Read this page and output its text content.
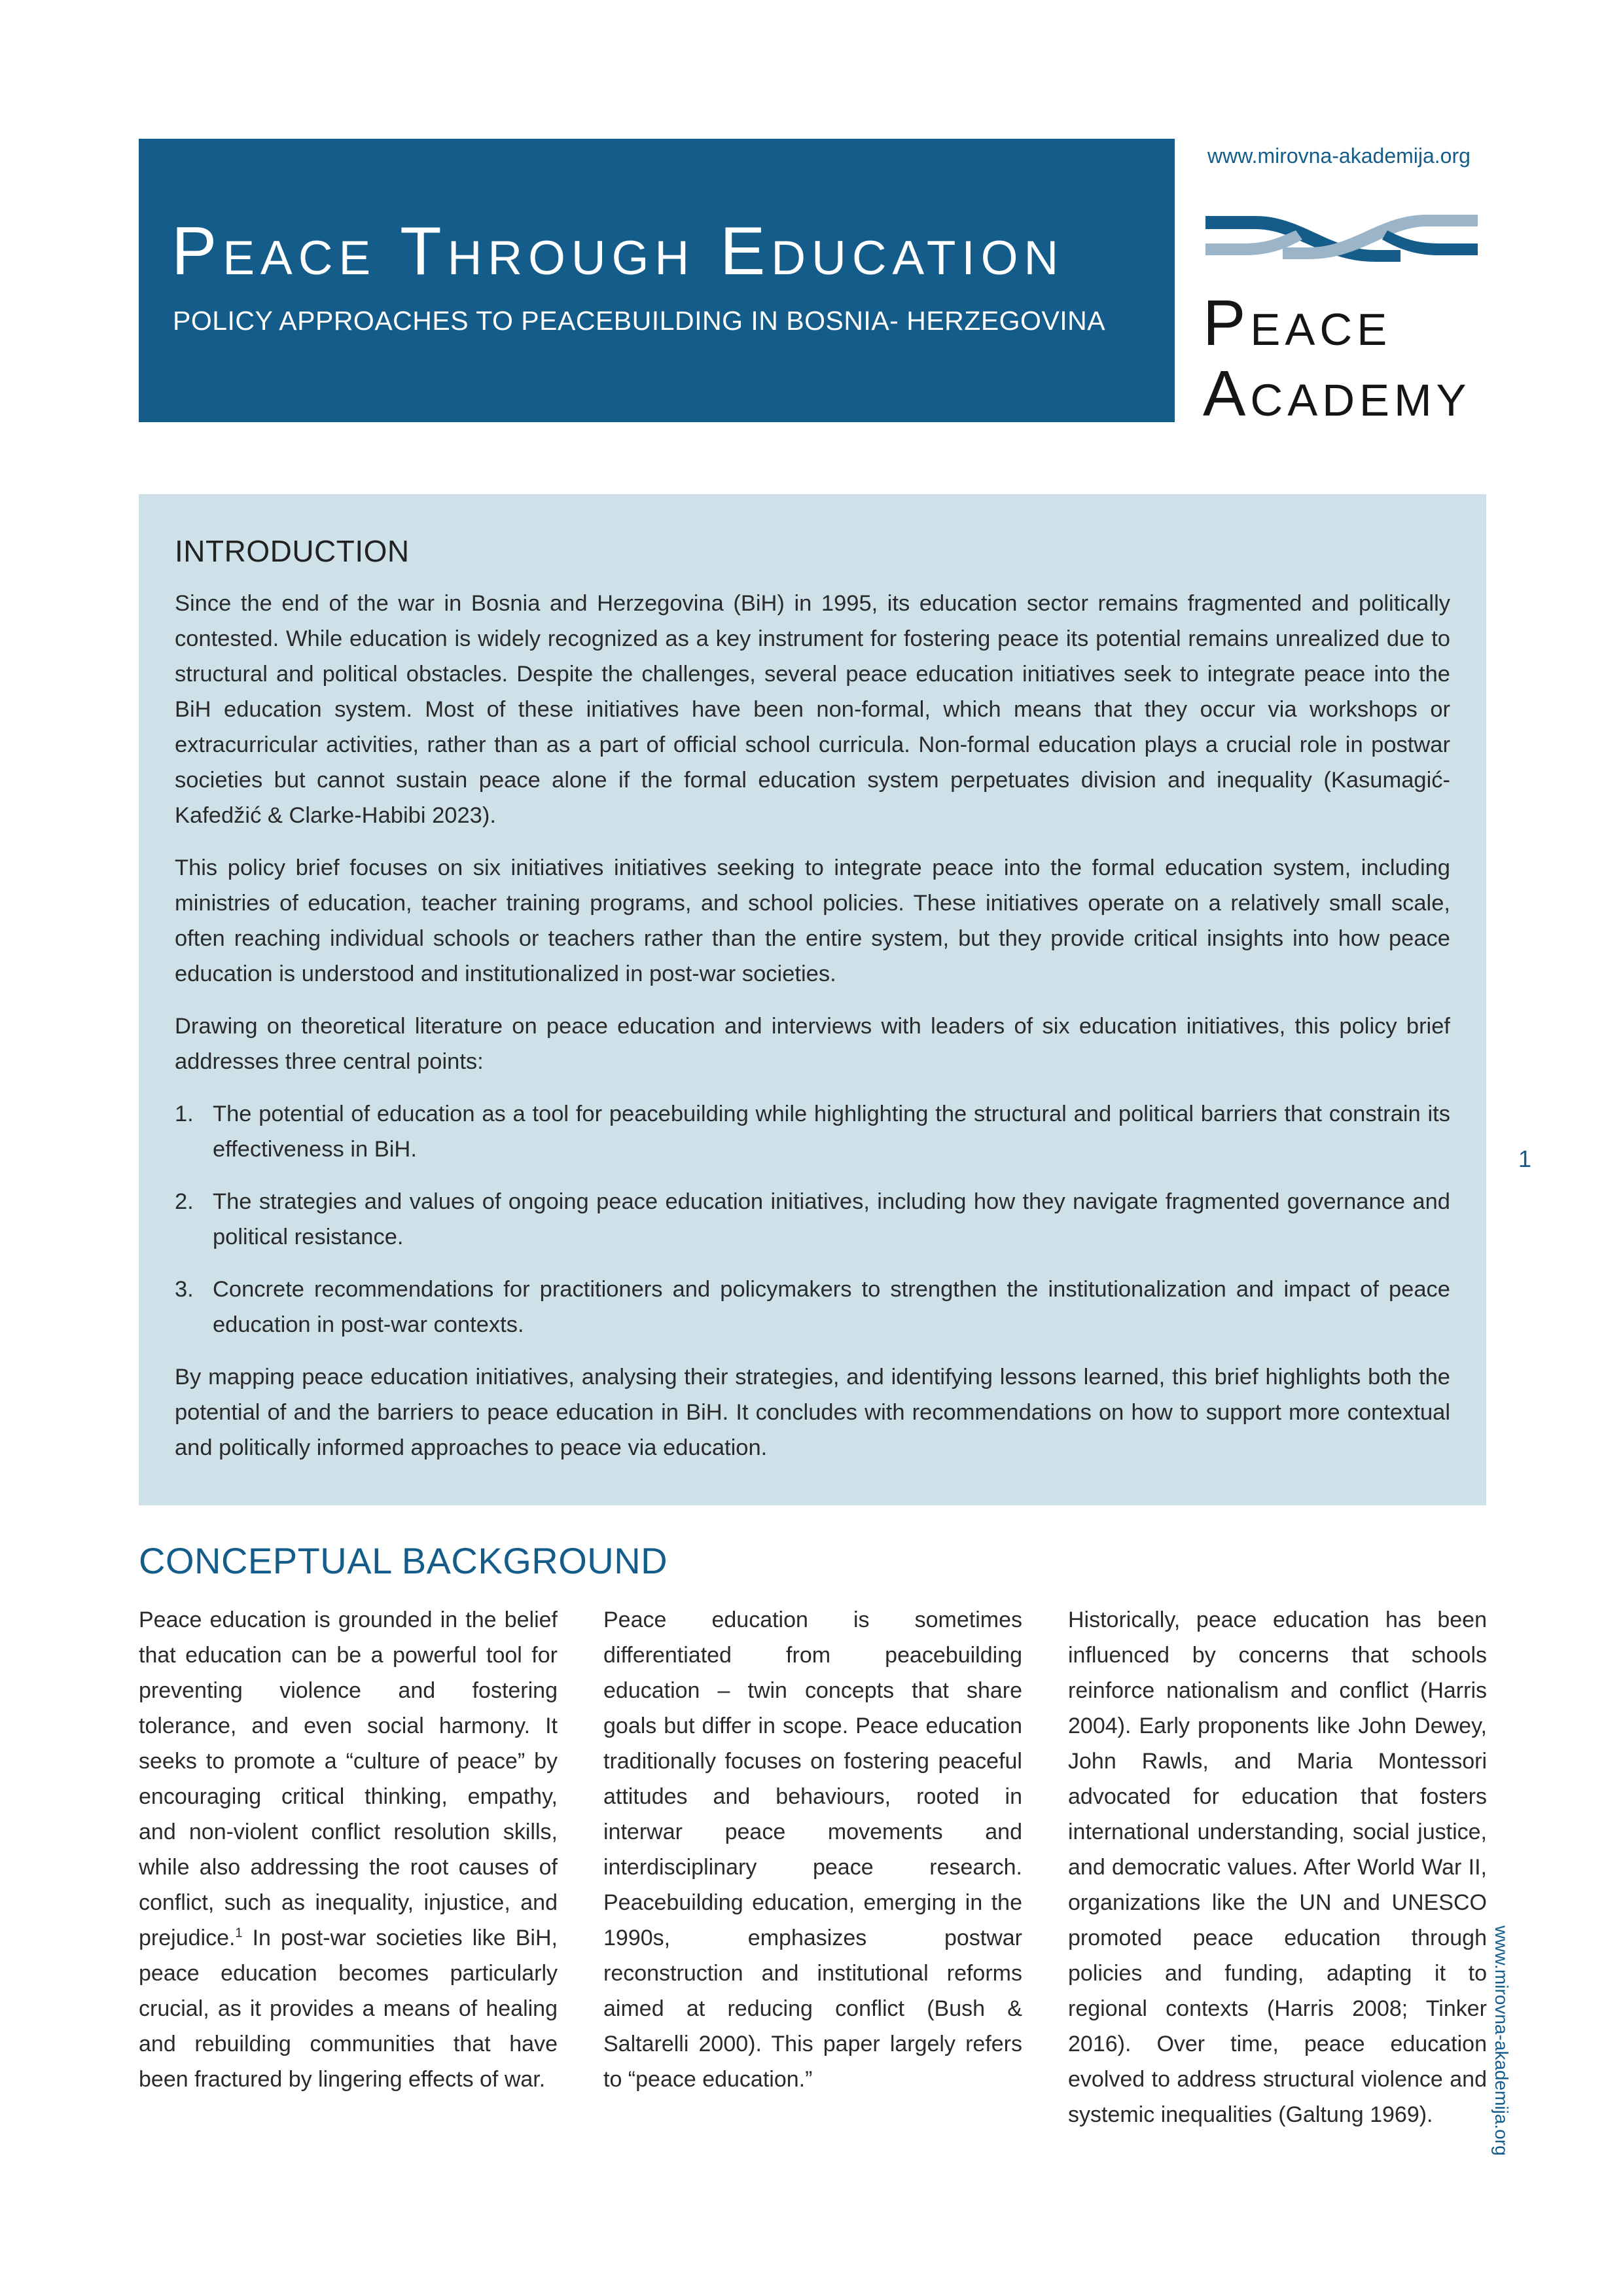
Peace Through Education
POLICY APPROACHES TO PEACEBUILDING IN BOSNIA- HERZEGOVINA
www.mirovna-akademija.org
Peace
Academy
INTRODUCTION

Since the end of the war in Bosnia and Herzegovina (BiH) in 1995, its education sector remains fragmented and politically contested. While education is widely recognized as a key instrument for fostering peace its potential remains unrealized due to structural and political obstacles. Despite the challenges, several peace education initiatives seek to integrate peace into the BiH education system. Most of these initiatives have been non-formal, which means that they occur via workshops or extracurricular activities, rather than as a part of official school curricula. Non-formal education plays a crucial role in postwar societies but cannot sustain peace alone if the formal education system perpetuates division and inequality (Kasumagić-Kafedžić & Clarke-Habibi 2023).

This policy brief focuses on six initiatives initiatives seeking to integrate peace into the formal education system, including ministries of education, teacher training programs, and school policies. These initiatives operate on a relatively small scale, often reaching individual schools or teachers rather than the entire system, but they provide critical insights into how peace education is understood and institutionalized in post-war societies.

Drawing on theoretical literature on peace education and interviews with leaders of six education initiatives, this policy brief addresses three central points:

1. The potential of education as a tool for peacebuilding while highlighting the structural and political barriers that constrain its effectiveness in BiH.
2. The strategies and values of ongoing peace education initiatives, including how they navigate fragmented governance and political resistance.
3. Concrete recommendations for practitioners and policymakers to strengthen the institutionalization and impact of peace education in post-war contexts.

By mapping peace education initiatives, analysing their strategies, and identifying lessons learned, this brief highlights both the potential of and the barriers to peace education in BiH. It concludes with recommendations on how to support more contextual and politically informed approaches to peace via education.

1
www.mirovna-akademija.org
CONCEPTUAL BACKGROUND

Peace education is grounded in the belief that education can be a powerful tool for preventing violence and fostering tolerance, and even social harmony. It seeks to promote a “culture of peace” by encouraging critical thinking, empathy, and non-violent conflict resolution skills, while also addressing the root causes of conflict, such as inequality, injustice, and prejudice.$^1$ In post-war societies like BiH, peace education becomes particularly crucial, as it provides a means of healing and rebuilding communities that have been fractured by lingering effects of war.

Peace education is sometimes differentiated from peacebuilding education – twin concepts that share goals but differ in scope. Peace education traditionally focuses on fostering peaceful attitudes and behaviours, rooted in interwar peace movements and interdisciplinary peace research. Peacebuilding education, emerging in the 1990s, emphasizes postwar reconstruction and institutional reforms aimed at reducing conflict (Bush & Saltarelli 2000). This paper largely refers to “peace education.”

Historically, peace education has been influenced by concerns that schools reinforce nationalism and conflict (Harris 2004). Early proponents like John Dewey, John Rawls, and Maria Montessori advocated for education that fosters international understanding, social justice, and democratic values. After World War II, organizations like the UN and UNESCO promoted peace education through policies and funding, adapting it to regional contexts (Harris 2008; Tinker 2016). Over time, peace education evolved to address structural violence and systemic inequalities (Galtung 1969).
